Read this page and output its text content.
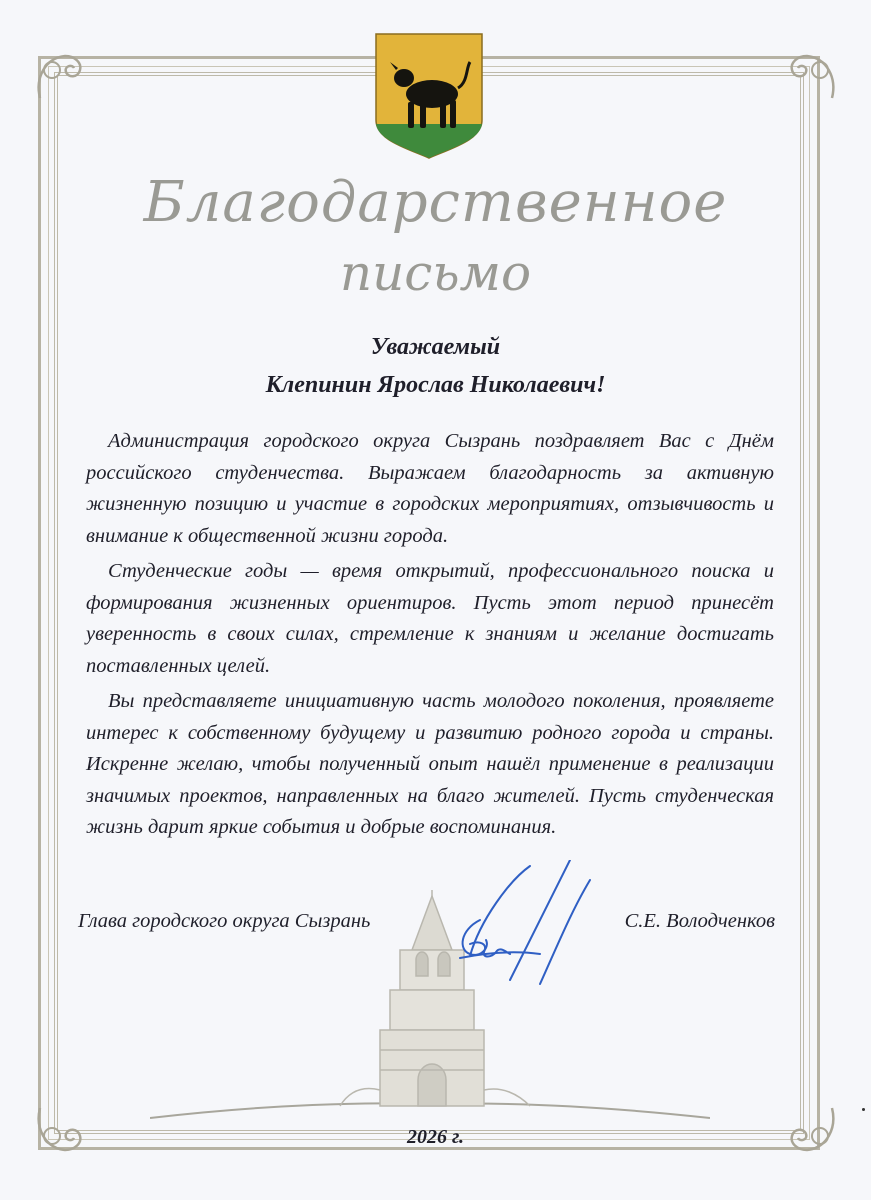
Благодарственное
письмо
Уважаемый
Клепинин Ярослав Николаевич!

Администрация городского округа Сызрань поздравляет Вас с Днём российского студенчества. Выражаем благодарность за активную жизненную позицию и участие в городских мероприятиях, отзывчивость и внимание к общественной жизни города.

Студенческие годы — время открытий, профессионального поиска и формирования жизненных ориентиров. Пусть этот период принесёт уверенность в своих силах, стремление к знаниям и желание достигать поставленных целей.

Вы представляете инициативную часть молодого поколения, проявляете интерес к собственному будущему и развитию родного города и страны. Искренне желаю, чтобы полученный опыт нашёл применение в реализации значимых проектов, направленных на благо жителей. Пусть студенческая жизнь дарит яркие события и добрые воспоминания.

Глава городского округа Сызрань	С.Е. Володченков
2026 г.
